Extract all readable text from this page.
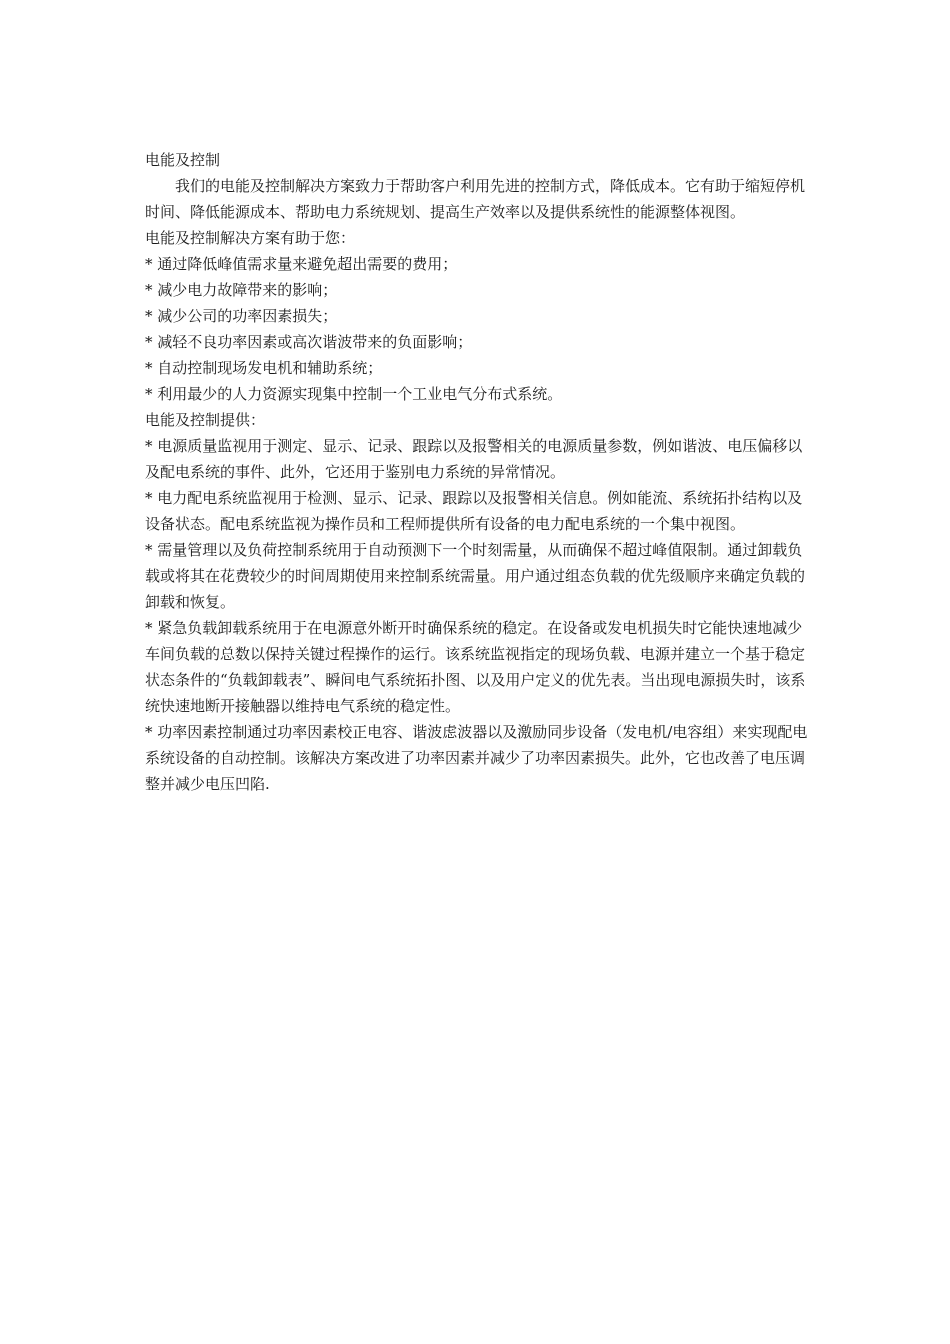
电能及控制

我们的电能及控制解决方案致力于帮助客户利用先进的控制方式，降低成本。它有助于缩短停机时间、降低能源成本、帮助电力系统规划、提高生产效率以及提供系统性的能源整体视图。

电能及控制解决方案有助于您：

* 通过降低峰值需求量来避免超出需要的费用；

* 减少电力故障带来的影响；

* 减少公司的功率因素损失；

* 减轻不良功率因素或高次谐波带来的负面影响；

* 自动控制现场发电机和辅助系统；

* 利用最少的人力资源实现集中控制一个工业电气分布式系统。

电能及控制提供：

* 电源质量监视用于测定、显示、记录、跟踪以及报警相关的电源质量参数，例如谐波、电压偏移以及配电系统的事件、此外，它还用于鉴别电力系统的异常情况。

* 电力配电系统监视用于检测、显示、记录、跟踪以及报警相关信息。例如能流、系统拓扑结构以及设备状态。配电系统监视为操作员和工程师提供所有设备的电力配电系统的一个集中视图。

* 需量管理以及负荷控制系统用于自动预测下一个时刻需量，从而确保不超过峰值限制。通过卸载负载或将其在花费较少的时间周期使用来控制系统需量。用户通过组态负载的优先级顺序来确定负载的卸载和恢复。

* 紧急负载卸载系统用于在电源意外断开时确保系统的稳定。在设备或发电机损失时它能快速地减少车间负载的总数以保持关键过程操作的运行。该系统监视指定的现场负载、电源并建立一个基于稳定状态条件的“负载卸载表”、瞬间电气系统拓扑图、以及用户定义的优先表。当出现电源损失时，该系统快速地断开接触器以维持电气系统的稳定性。

* 功率因素控制通过功率因素校正电容、谐波虑波器以及激励同步设备（发电机/电容组）来实现配电系统设备的自动控制。该解决方案改进了功率因素并减少了功率因素损失。此外，它也改善了电压调整并减少电压凹陷.
